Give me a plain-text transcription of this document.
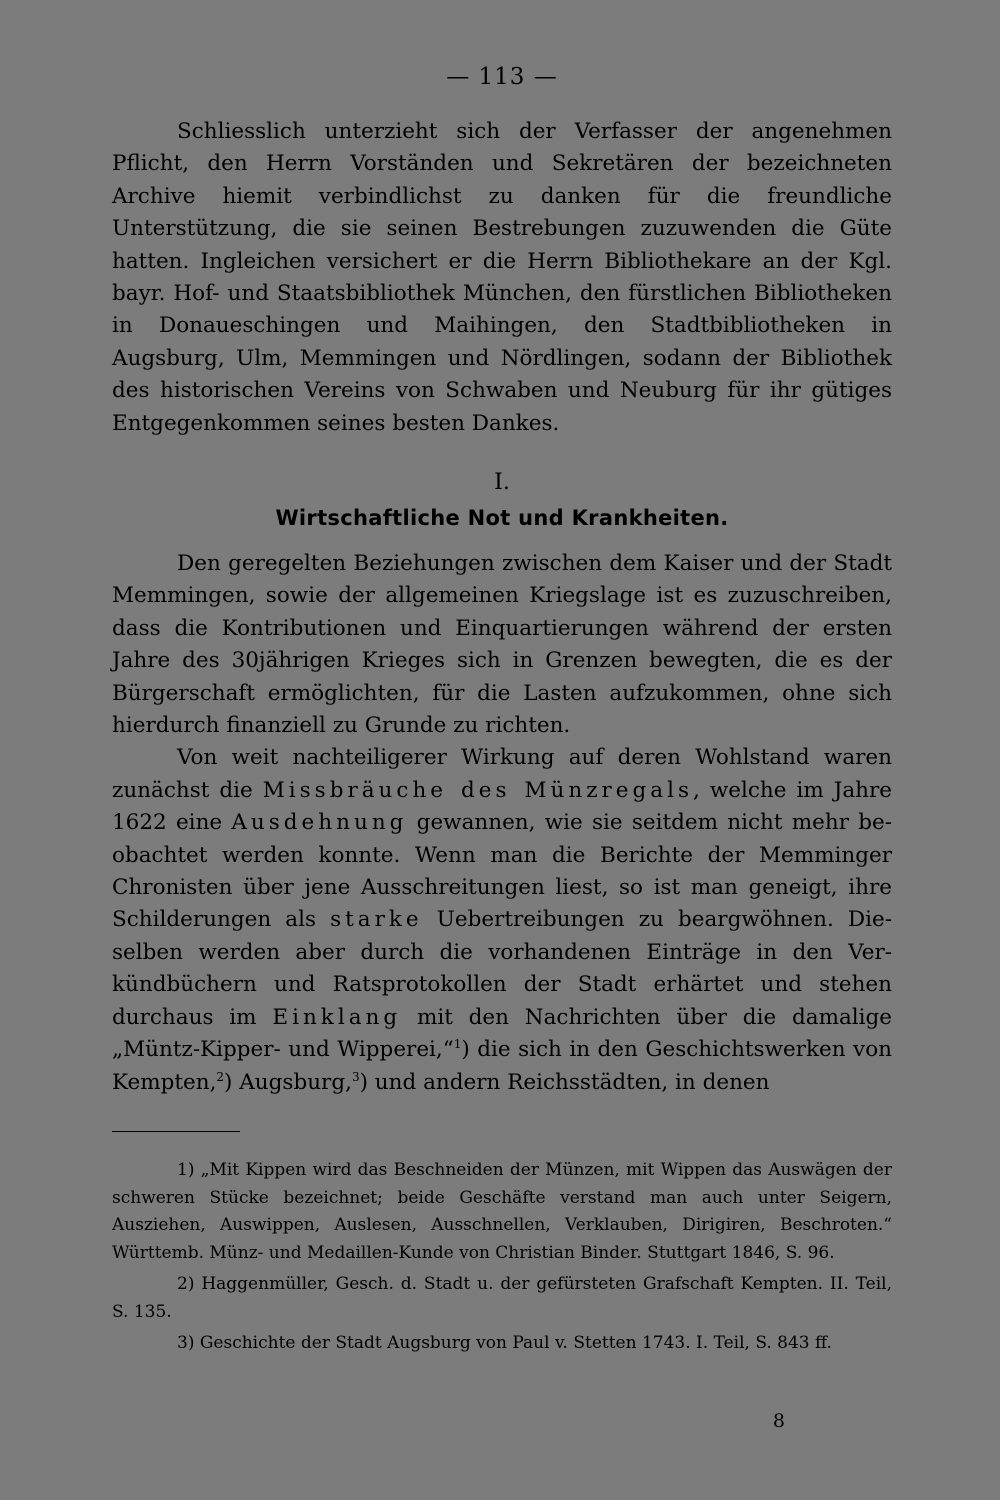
— 113 —

Schliesslich unterzieht sich der Verfasser der angenehmen Pflicht, den Herrn Vorständen und Sekretären der bezeichneten Archive hiemit verbindlichst zu danken für die freundliche Unterstützung, die sie seinen Bestrebungen zuzuwenden die Güte hatten. Ingleichen versichert er die Herrn Bibliothekare an der Kgl. bayr. Hof- und Staatsbibliothek München, den fürstlichen Bibliotheken in Donaueschingen und Maihingen, den Stadtbibliotheken in Augsburg, Ulm, Memmingen und Nördlingen, sodann der Bibliothek des historischen Vereins von Schwaben und Neuburg für ihr gütiges Entgegenkommen seines besten Dankes.

I.
Wirtschaftliche Not und Krankheiten.

Den geregelten Beziehungen zwischen dem Kaiser und der Stadt Memmingen, sowie der allgemeinen Kriegslage ist es zuzuschreiben, dass die Kontributionen und Einquartierungen während der ersten Jahre des 30jährigen Krieges sich in Grenzen bewegten, die es der Bürgerschaft ermöglichten, für die Lasten aufzukommen, ohne sich hierdurch finanziell zu Grunde zu richten.

Von weit nachteiligerer Wirkung auf deren Wohlstand waren zunächst die Missbräuche des Münzregals, welche im Jahre 1622 eine Ausdehnung gewannen, wie sie seitdem nicht mehr beobachtet werden konnte. Wenn man die Berichte der Memminger Chronisten über jene Ausschreitungen liest, so ist man geneigt, ihre Schilderungen als starke Uebertreibungen zu beargwöhnen. Dieselben werden aber durch die vorhandenen Einträge in den Verkündbüchern und Ratsprotokollen der Stadt erhärtet und stehen durchaus im Einklang mit den Nachrichten über die damalige „Müntz-Kipper- und Wipperei,“$^1$) die sich in den Geschichtswerken von Kempten,$^2$) Augsburg,$^3$) und andern Reichsstädten, in denen

1) „Mit Kippen wird das Beschneiden der Münzen, mit Wippen das Auswägen der schweren Stücke bezeichnet; beide Geschäfte verstand man auch unter Seigern, Ausziehen, Auswippen, Auslesen, Ausschnellen, Verklauben, Dirigiren, Beschroten.“ Württemb. Münz- und Medaillen-Kunde von Christian Binder. Stuttgart 1846, S. 96.

2) Haggenmüller, Gesch. d. Stadt u. der gefürsteten Grafschaft Kempten. II. Teil, S. 135.

3) Geschichte der Stadt Augsburg von Paul v. Stetten 1743. I. Teil, S. 843 ff.

8
